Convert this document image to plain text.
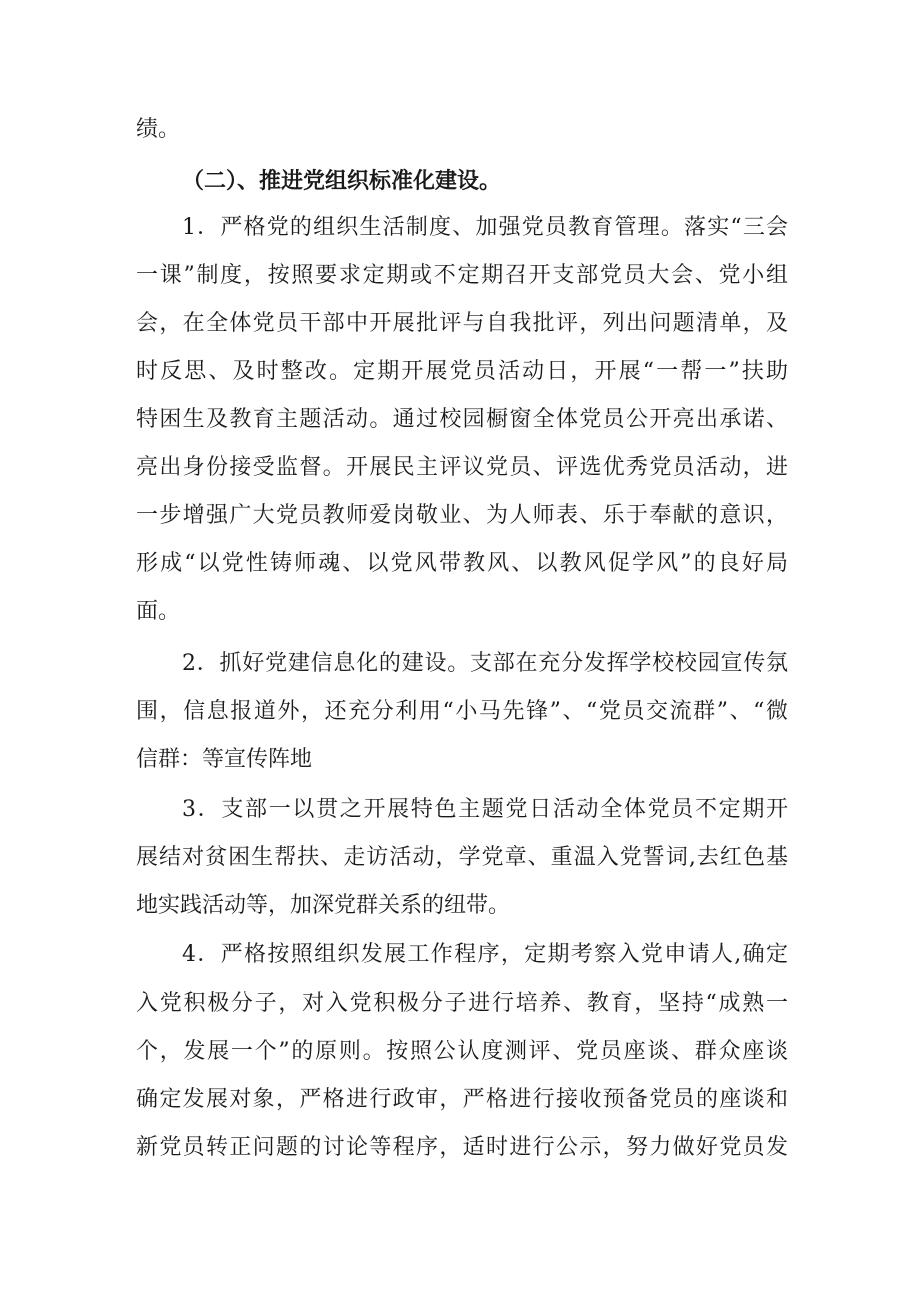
绩。
（二）、推进党组织标准化建设。
1．严格党的组织生活制度、加强党员教育管理。落实“三会
一课”制度，按照要求定期或不定期召开支部党员大会、党小组
会，在全体党员干部中开展批评与自我批评，列出问题清单，及
时反思、及时整改。定期开展党员活动日，开展“一帮一”扶助
特困生及教育主题活动。通过校园橱窗全体党员公开亮出承诺、
亮出身份接受监督。开展民主评议党员、评选优秀党员活动，进
一步增强广大党员教师爱岗敬业、为人师表、乐于奉献的意识，
形成“以党性铸师魂、以党风带教风、以教风促学风”的良好局
面。
2．抓好党建信息化的建设。支部在充分发挥学校校园宣传氛
围，信息报道外，还充分利用“小马先锋”、“党员交流群”、“微
信群：等宣传阵地
3．支部一以贯之开展特色主题党日活动全体党员不定期开
展结对贫困生帮扶、走访活动，学党章、重温入党誓词,去红色基
地实践活动等，加深党群关系的纽带。
4．严格按照组织发展工作程序，定期考察入党申请人,确定
入党积极分子，对入党积极分子进行培养、教育，坚持“成熟一
个，发展一个”的原则。按照公认度测评、党员座谈、群众座谈
确定发展对象，严格进行政审，严格进行接收预备党员的座谈和
新党员转正问题的讨论等程序，适时进行公示，努力做好党员发
